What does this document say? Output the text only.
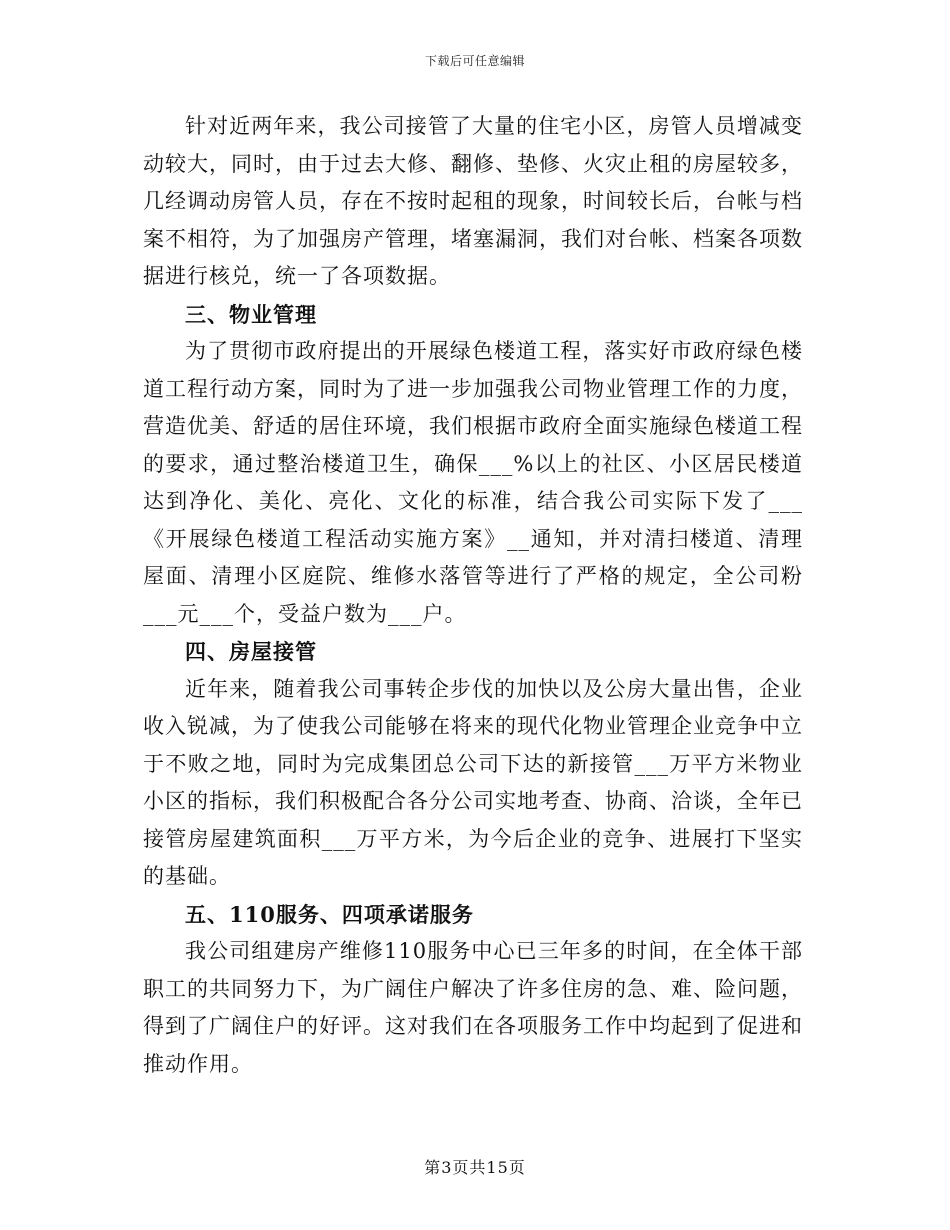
下载后可任意编辑

针对近两年来，我公司接管了大量的住宅小区，房管人员增减变动较大，同时，由于过去大修、翻修、垫修、火灾止租的房屋较多，几经调动房管人员，存在不按时起租的现象，时间较长后，台帐与档案不相符，为了加强房产管理，堵塞漏洞，我们对台帐、档案各项数据进行核兑，统一了各项数据。

三、物业管理

为了贯彻市政府提出的开展绿色楼道工程，落实好市政府绿色楼道工程行动方案，同时为了进一步加强我公司物业管理工作的力度，营造优美、舒适的居住环境，我们根据市政府全面实施绿色楼道工程的要求，通过整治楼道卫生，确保___%以上的社区、小区居民楼道达到净化、美化、亮化、文化的标准，结合我公司实际下发了___《开展绿色楼道工程活动实施方案》__通知，并对清扫楼道、清理屋面、清理小区庭院、维修水落管等进行了严格的规定，全公司粉___元___个，受益户数为___户。

四、房屋接管

近年来，随着我公司事转企步伐的加快以及公房大量出售，企业收入锐减，为了使我公司能够在将来的现代化物业管理企业竞争中立于不败之地，同时为完成集团总公司下达的新接管___万平方米物业小区的指标，我们积极配合各分公司实地考查、协商、洽谈，全年已接管房屋建筑面积___万平方米，为今后企业的竞争、进展打下坚实的基础。

五、110服务、四项承诺服务

我公司组建房产维修110服务中心已三年多的时间，在全体干部职工的共同努力下，为广阔住户解决了许多住房的急、难、险问题，得到了广阔住户的好评。这对我们在各项服务工作中均起到了促进和推动作用。

第3页共15页
